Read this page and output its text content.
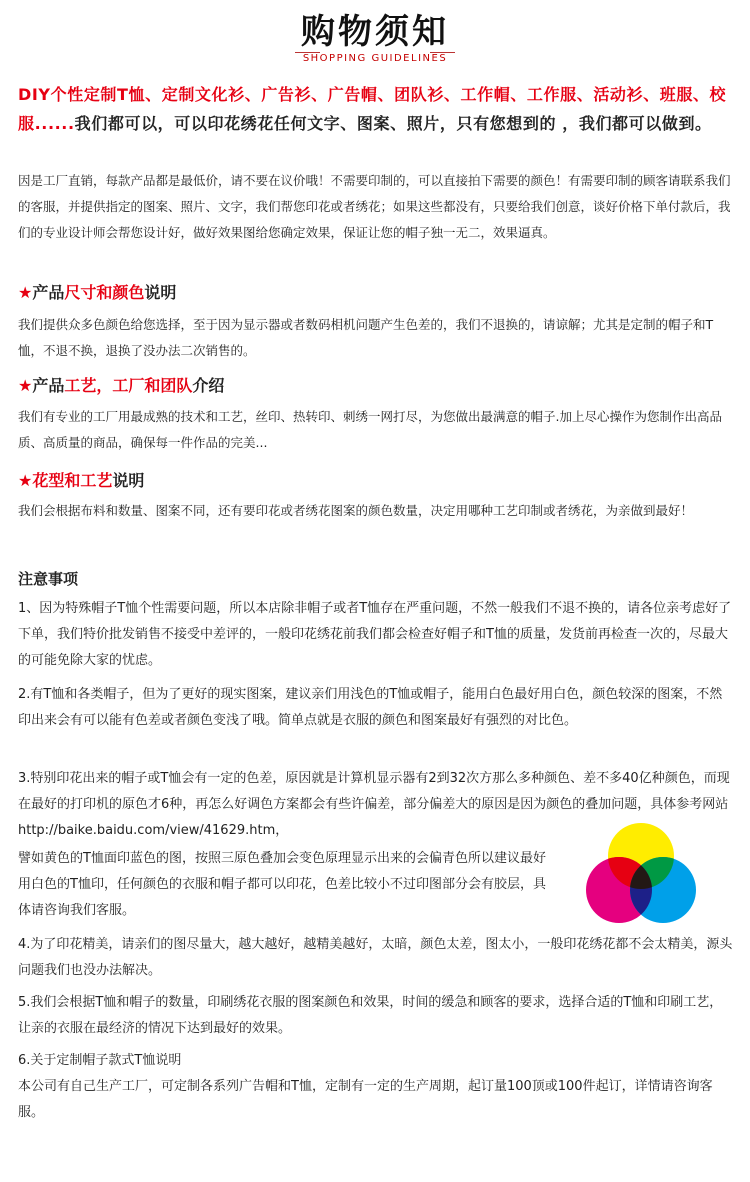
购物须知
SHOPPING GUIDELINES
DIY个性定制T恤、定制文化衫、广告衫、广告帽、团队衫、工作帽、工作服、活动衫、班服、校服......我们都可以，可以印花绣花任何文字、图案、照片，只有您想到的 ，我们都可以做到。
因是工厂直销，每款产品都是最低价，请不要在议价哦！不需要印制的，可以直接拍下需要的颜色！有需要印制的顾客请联系我们的客服，并提供指定的图案、照片、文字，我们帮您印花或者绣花；如果这些都没有，只要给我们创意，谈好价格下单付款后，我们的专业设计师会帮您设计好，做好效果图给您确定效果，保证让您的帽子独一无二，效果逼真。
★产品尺寸和颜色说明
我们提供众多色颜色给您选择，至于因为显示器或者数码相机问题产生色差的，我们不退换的，请谅解；尤其是定制的帽子和T恤，不退不换，退换了没办法二次销售的。
★产品工艺，工厂和团队介绍
我们有专业的工厂用最成熟的技术和工艺，丝印、热转印、刺绣一网打尽，为您做出最满意的帽子.加上尽心操作为您制作出高品质、高质量的商品，确保每一件作品的完美...
★花型和工艺说明
我们会根据布料和数量、图案不同，还有要印花或者绣花图案的颜色数量，决定用哪种工艺印制或者绣花，为亲做到最好！
注意事项
1、因为特殊帽子T恤个性需要问题，所以本店除非帽子或者T恤存在严重问题，不然一般我们不退不换的，请各位亲考虑好了下单，我们特价批发销售不接受中差评的，一般印花绣花前我们都会检查好帽子和T恤的质量，发货前再检查一次的，尽最大的可能免除大家的忧虑。
2.有T恤和各类帽子，但为了更好的现实图案，建议亲们用浅色的T恤或帽子，能用白色最好用白色，颜色较深的图案，不然印出来会有可以能有色差或者颜色变浅了哦。简单点就是衣服的颜色和图案最好有强烈的对比色。
3.特别印花出来的帽子或T恤会有一定的色差，原因就是计算机显示器有2到32次方那么多种颜色、差不多40亿种颜色，而现在最好的打印机的原色才6种，再怎么好调色方案都会有些许偏差，部分偏差大的原因是因为颜色的叠加问题，具体参考网站http://baike.baidu.com/view/41629.htm，
譬如黄色的T恤面印蓝色的图，按照三原色叠加会变色原理显示出来的会偏青色所以建议最好用白色的T恤印，任何颜色的衣服和帽子都可以印花，色差比较小不过印图部分会有胶层，具体请咨询我们客服。
4.为了印花精美，请亲们的图尽量大，越大越好，越精美越好，太暗，颜色太差，图太小，一般印花绣花都不会太精美，源头问题我们也没办法解决。
5.我们会根据T恤和帽子的数量，印刷绣花衣服的图案颜色和效果，时间的缓急和顾客的要求，选择合适的T恤和印刷工艺，让亲的衣服在最经济的情况下达到最好的效果。
6.关于定制帽子款式T恤说明
本公司有自己生产工厂，可定制各系列广告帽和T恤，定制有一定的生产周期，起订量100顶或100件起订，详情请咨询客服。
